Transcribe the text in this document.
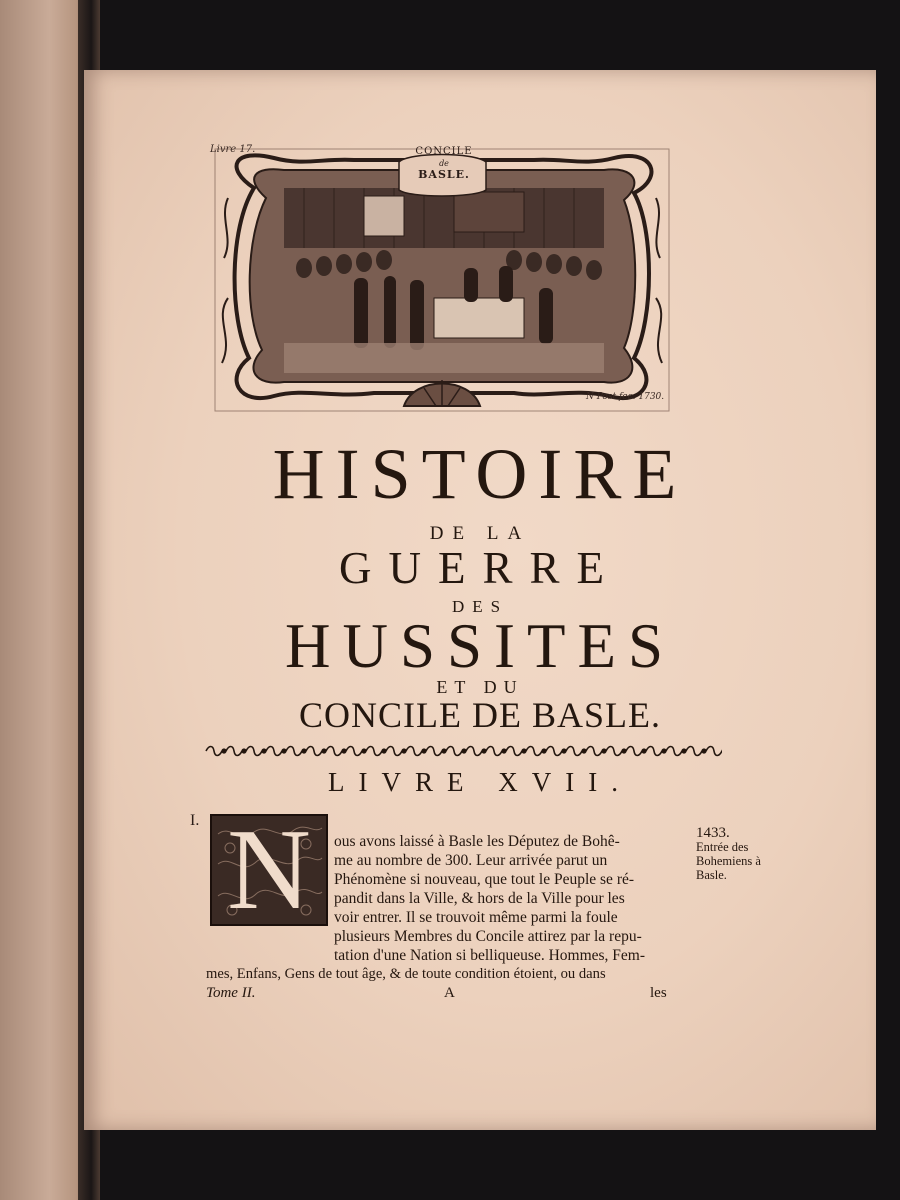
Livre 17.	CONCILE
de
BASLE.
N Post fec. 1730.
HISTOIRE
DE LA
GUERRE
DES
HUSSITES
ET DU
CONCILE DE BASLE.
LIVRE XVII.
I. N	ous avons laissé à Basle les Députez de Bohê-
me au nombre de 300. Leur arrivée parut un
Phénomène si nouveau, que tout le Peuple se ré-
pandit dans la Ville, & hors de la Ville pour les
voir entrer. Il se trouvoit même parmi la foule
plusieurs Membres du Concile attirez par la repu-
tation d'une Nation si belliqueuse. Hommes, Fem-
mes, Enfans, Gens de tout âge, & de toute condition étoient, ou dans
1433.
Entrée des
Bohemiens à
Basle.
Tome II.	A	les
